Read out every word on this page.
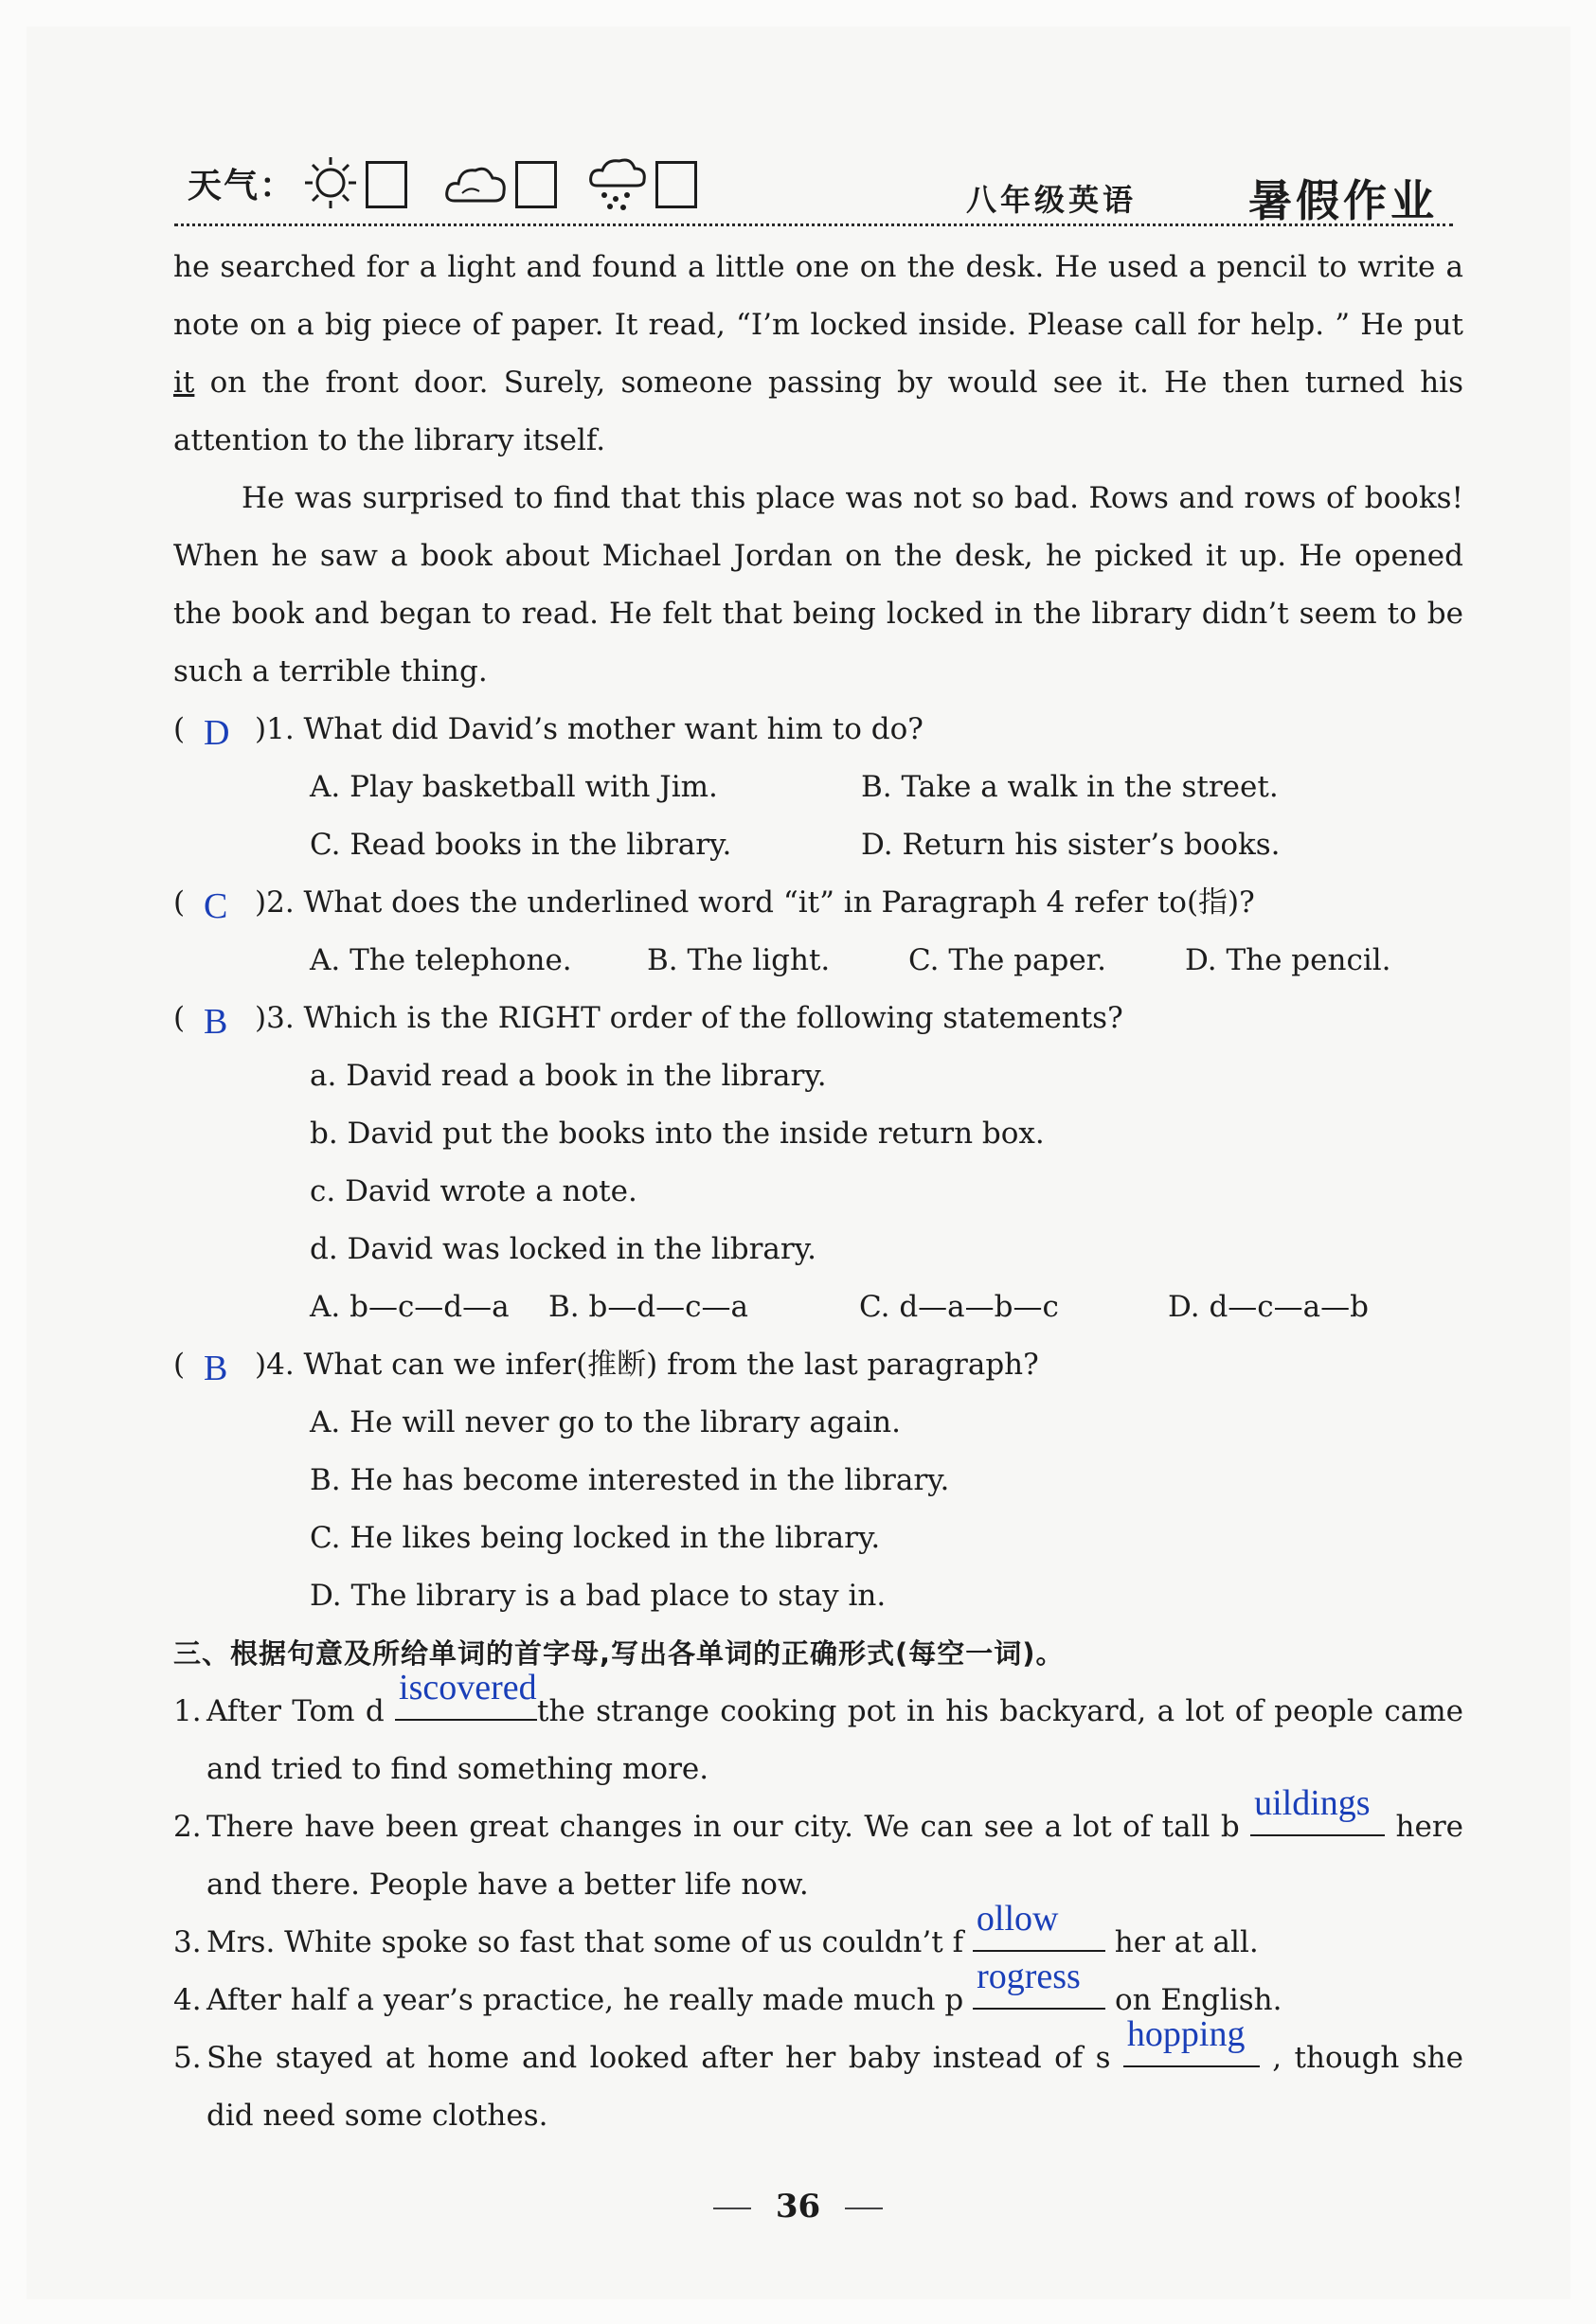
天气：	八年级英语	暑假作业

he searched for a light and found a little one on the desk. He used a pencil to write a note on a big piece of paper. It read, “I’m locked inside. Please call for help. ” He put it on the front door. Surely, someone passing by would see it. He then turned his attention to the library itself.

He was surprised to find that this place was not so bad. Rows and rows of books! When he saw a book about Michael Jordan on the desk, he picked it up. He opened the book and began to read. He felt that being locked in the library didn’t seem to be such a terrible thing.

( D )1. What did David’s mother want him to do?
A. Play basketball with Jim.	B. Take a walk in the street.
C. Read books in the library.	D. Return his sister’s books.
( C )2. What does the underlined word “it” in Paragraph 4 refer to(指)?
A. The telephone.	B. The light.	C. The paper.	D. The pencil.
( B )3. Which is the RIGHT order of the following statements?
a. David read a book in the library.
b. David put the books into the inside return box.
c. David wrote a note.
d. David was locked in the library.
A. b—c—d—a B. b—d—c—a	C. d—a—b—c	D. d—c—a—b
( B )4. What can we infer(推断) from the last paragraph?
A. He will never go to the library again.
B. He has become interested in the library.
C. He likes being locked in the library.
D. The library is a bad place to stay in.
三、根据句意及所给单词的首字母,写出各单词的正确形式(每空一词)。
1. After Tom d
iscovered
the strange cooking pot in his backyard, a lot of people came and tried to find something more.
2. There have been great changes in our city. We can see a lot of tall b
uildings
here and there. People have a better life now.
3. Mrs. White spoke so fast that some of us couldn’t f
ollow
her at all.
4. After half a year’s practice, he really made much p
rogress
on English.
5. She stayed at home and looked after her baby instead of s
hopping
, though she did need some clothes.
36
